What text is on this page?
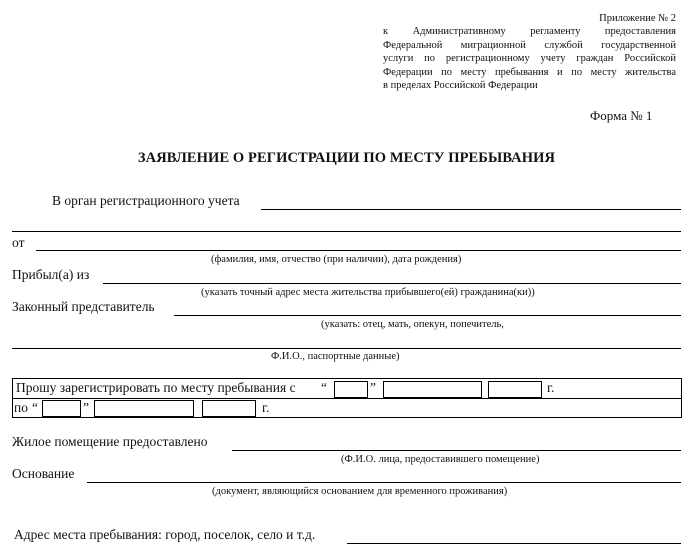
Приложение № 2
к Административному регламенту предоставления
Федеральной миграционной службой государственной
услуги по регистрационному учету граждан Российской
Федерации по месту пребывания и по месту жительства
в пределах Российской Федерации
Форма № 1
ЗАЯВЛЕНИЕ О РЕГИСТРАЦИИ ПО МЕСТУ ПРЕБЫВАНИЯ
В орган регистрационного учета
от
(фамилия, имя, отчество (при наличии), дата рождения)
Прибыл(а) из
(указать точный адрес места жительства прибывшего(ей) гражданина(ки))
Законный представитель
(указать: отец, мать, опекун, попечитель,
Ф.И.О., паспортные данные)
Прошу зарегистрировать по месту пребывания с “	”	г.
по “	”	г.
Жилое помещение предоставлено
(Ф.И.О. лица, предоставившего помещение)
Основание
(документ, являющийся основанием для временного проживания)
Адрес места пребывания: город, поселок, село и т.д.
